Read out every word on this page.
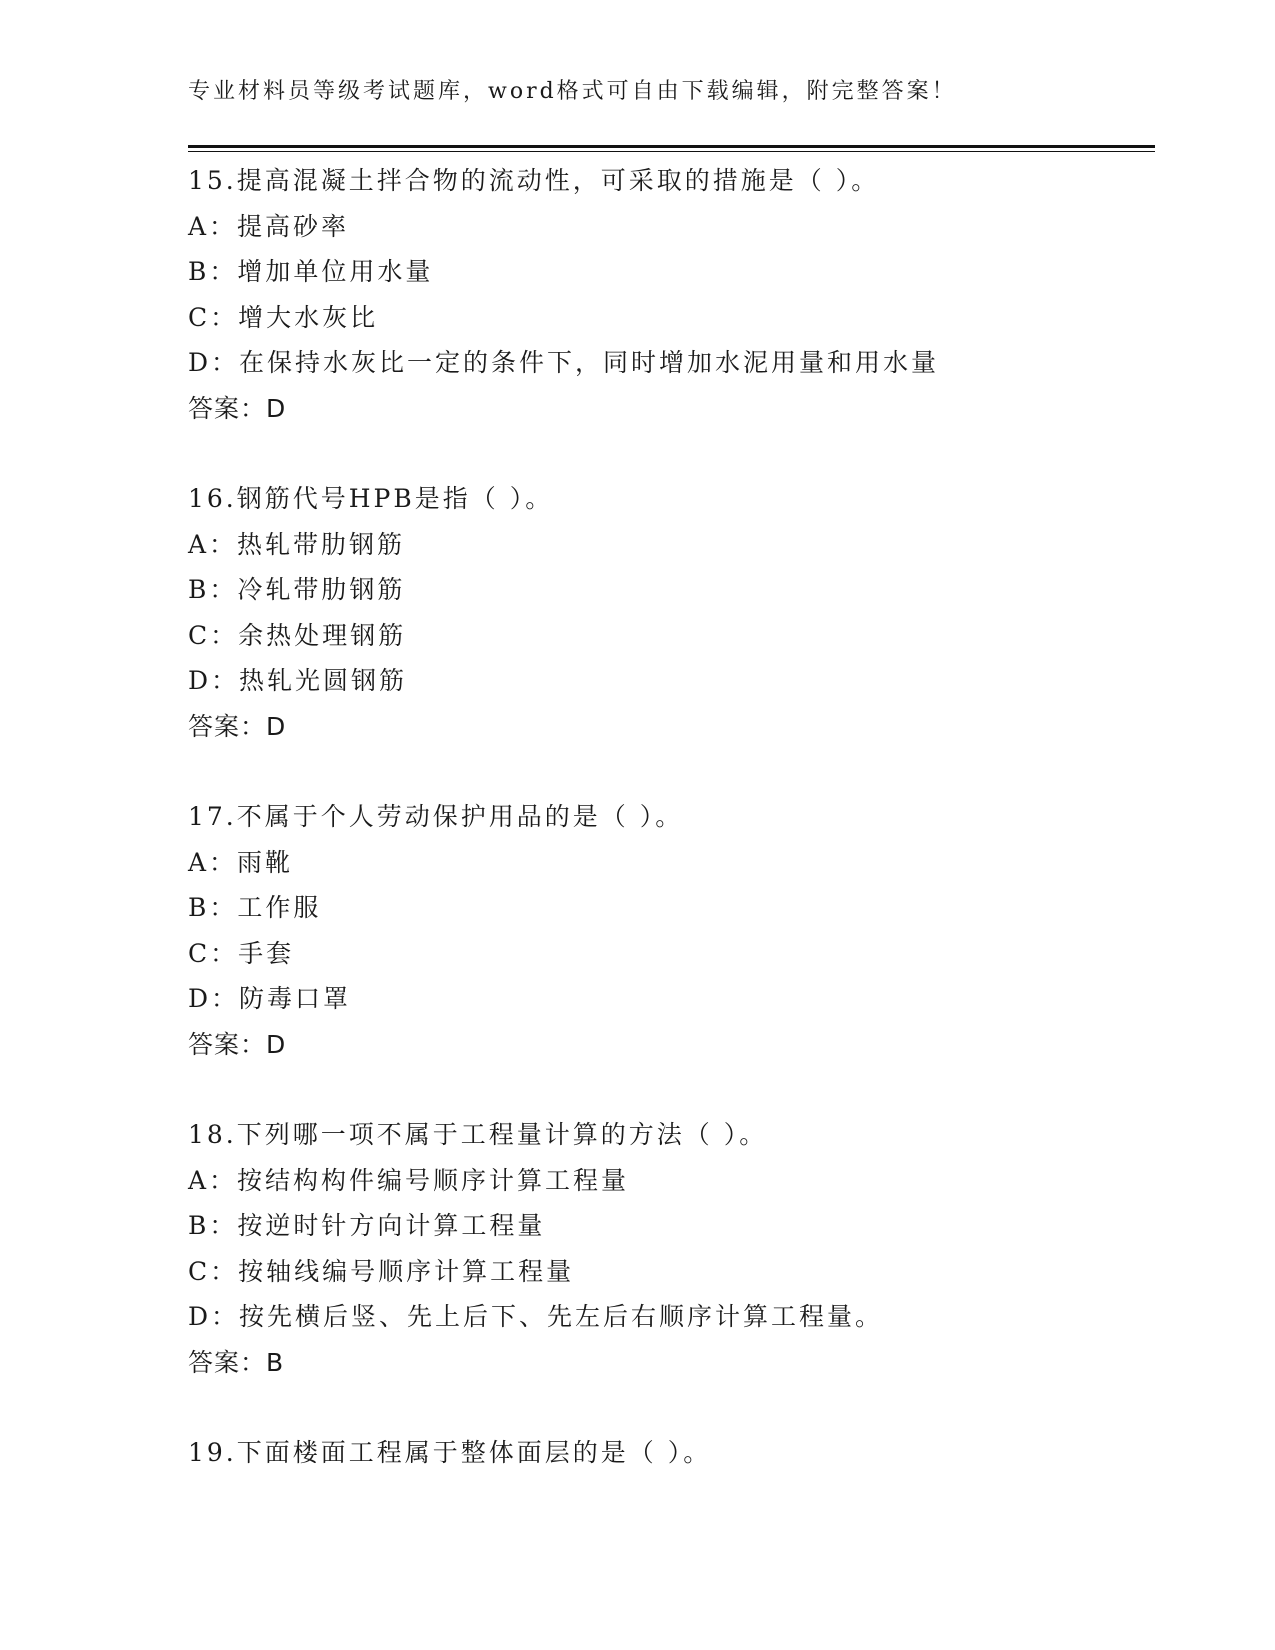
专业材料员等级考试题库，word格式可自由下载编辑，附完整答案！
15.提高混凝土拌合物的流动性，可采取的措施是（ ）。
A：提高砂率
B：增加单位用水量
C：增大水灰比
D：在保持水灰比一定的条件下，同时增加水泥用量和用水量
答案：D
16.钢筋代号HPB是指（ ）。
A：热轧带肋钢筋
B：冷轧带肋钢筋
C：余热处理钢筋
D：热轧光圆钢筋
答案：D
17.不属于个人劳动保护用品的是（ ）。
A：雨靴
B：工作服
C：手套
D：防毒口罩
答案：D
18.下列哪一项不属于工程量计算的方法（ ）。
A：按结构构件编号顺序计算工程量
B：按逆时针方向计算工程量
C：按轴线编号顺序计算工程量
D：按先横后竖、先上后下、先左后右顺序计算工程量。
答案：B
19.下面楼面工程属于整体面层的是（ ）。
